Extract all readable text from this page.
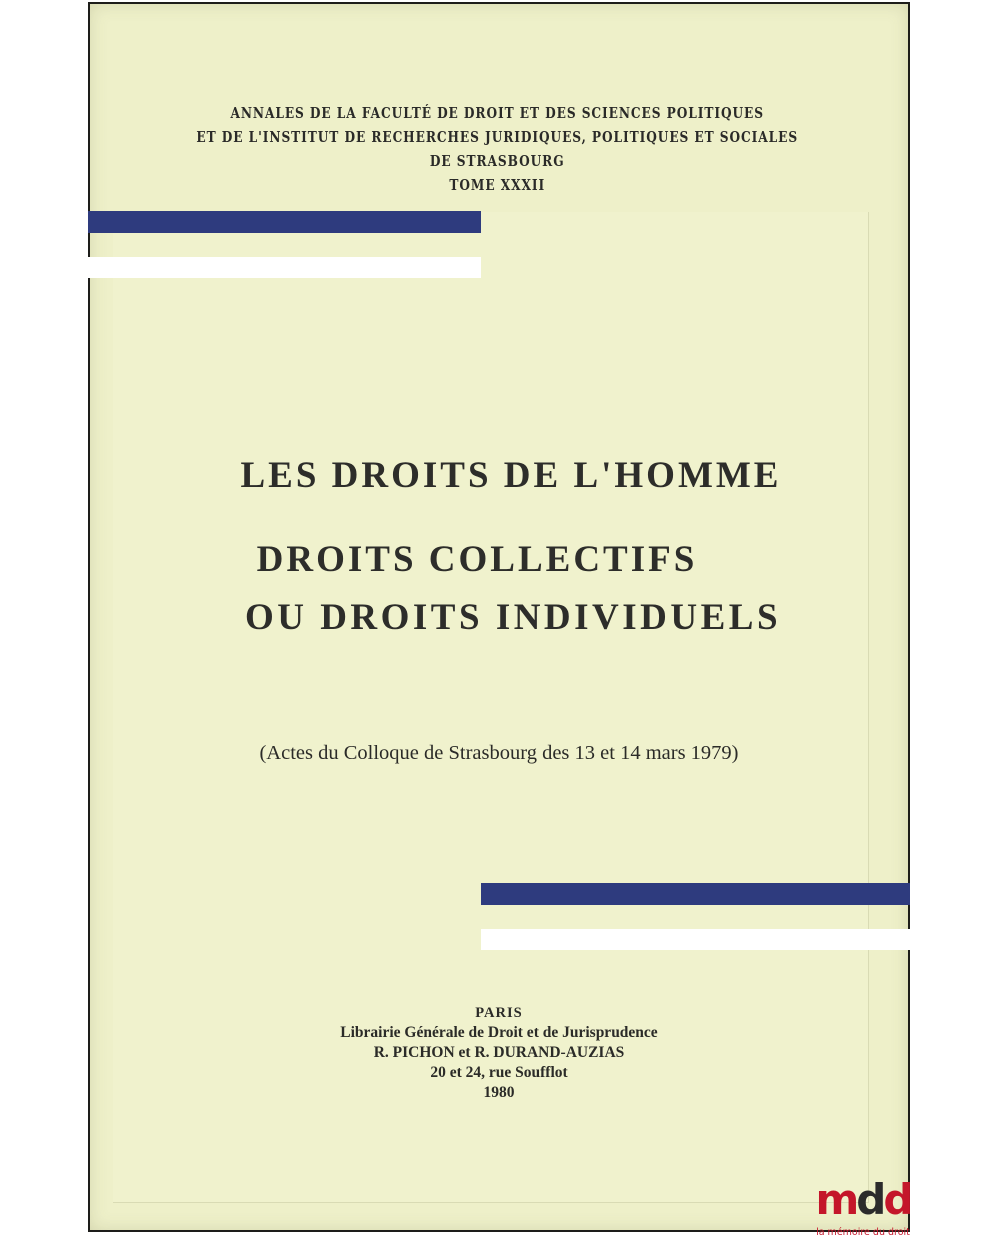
ANNALES DE LA FACULTÉ DE DROIT ET DES SCIENCES POLITIQUES
ET DE L'INSTITUT DE RECHERCHES JURIDIQUES, POLITIQUES ET SOCIALES
DE STRASBOURG
TOME XXXII
LES DROITS DE L'HOMME
DROITS COLLECTIFS
OU DROITS INDIVIDUELS
(Actes du Colloque de Strasbourg des 13 et 14 mars 1979)
PARIS
Librairie Générale de Droit et de Jurisprudence
R. PICHON et R. DURAND-AUZIAS
20 et 24, rue Soufflot
1980
mdd
la mémoire du droit
